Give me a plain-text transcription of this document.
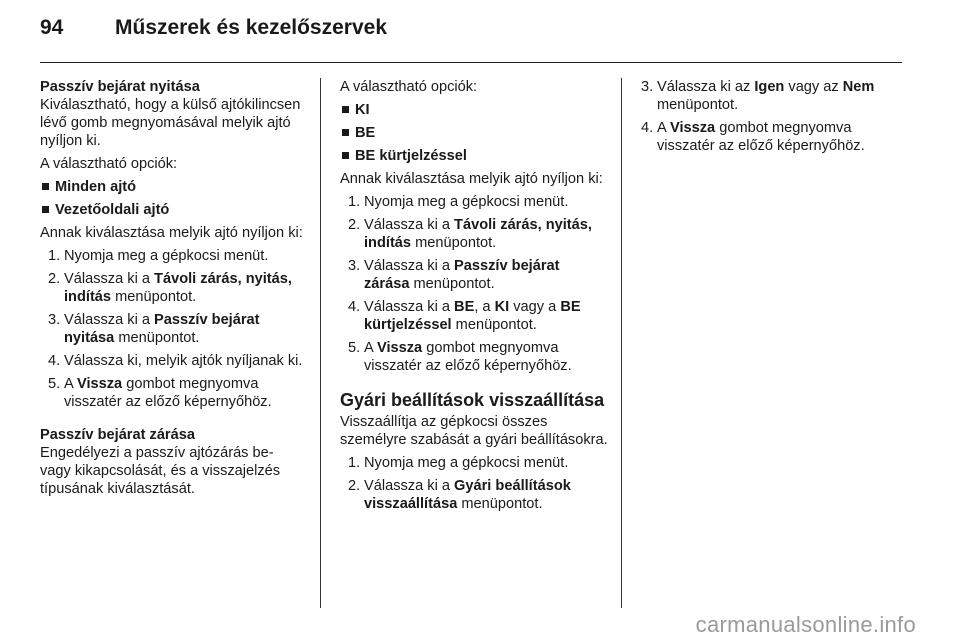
94 Műszerek és kezelőszervek

Passzív bejárat nyitása

Kiválasztható, hogy a külső ajtókilincsen lévő gomb megnyomásával melyik ajtó nyíljon ki.

A választható opciók:

Minden ajtó
Vezetőoldali ajtó

Annak kiválasztása melyik ajtó nyíljon ki:

1. Nyomja meg a gépkocsi menüt.
2. Válassza ki a Távoli zárás, nyitás, indítás menüpontot.
3. Válassza ki a Passzív bejárat nyitása menüpontot.
4. Válassza ki, melyik ajtók nyíljanak ki.
5. A Vissza gombot megnyomva visszatér az előző képernyőhöz.

Passzív bejárat zárása

Engedélyezi a passzív ajtózárás be- vagy kikapcsolását, és a visszajelzés típusának kiválasztását.

A választható opciók:

KI
BE
BE kürtjelzéssel

Annak kiválasztása melyik ajtó nyíljon ki:

1. Nyomja meg a gépkocsi menüt.
2. Válassza ki a Távoli zárás, nyitás, indítás menüpontot.
3. Válassza ki a Passzív bejárat zárása menüpontot.
4. Válassza ki a BE, a KI vagy a BE kürtjelzéssel menüpontot.
5. A Vissza gombot megnyomva visszatér az előző képernyőhöz.
Gyári beállítások visszaállítása

Visszaállítja az gépkocsi összes személyre szabását a gyári beállításokra.

1. Nyomja meg a gépkocsi menüt.
2. Válassza ki a Gyári beállítások visszaállítása menüpontot.
3. Válassza ki az Igen vagy az Nem menüpontot.
4. A Vissza gombot megnyomva visszatér az előző képernyőhöz.
carmanualsonline.info
